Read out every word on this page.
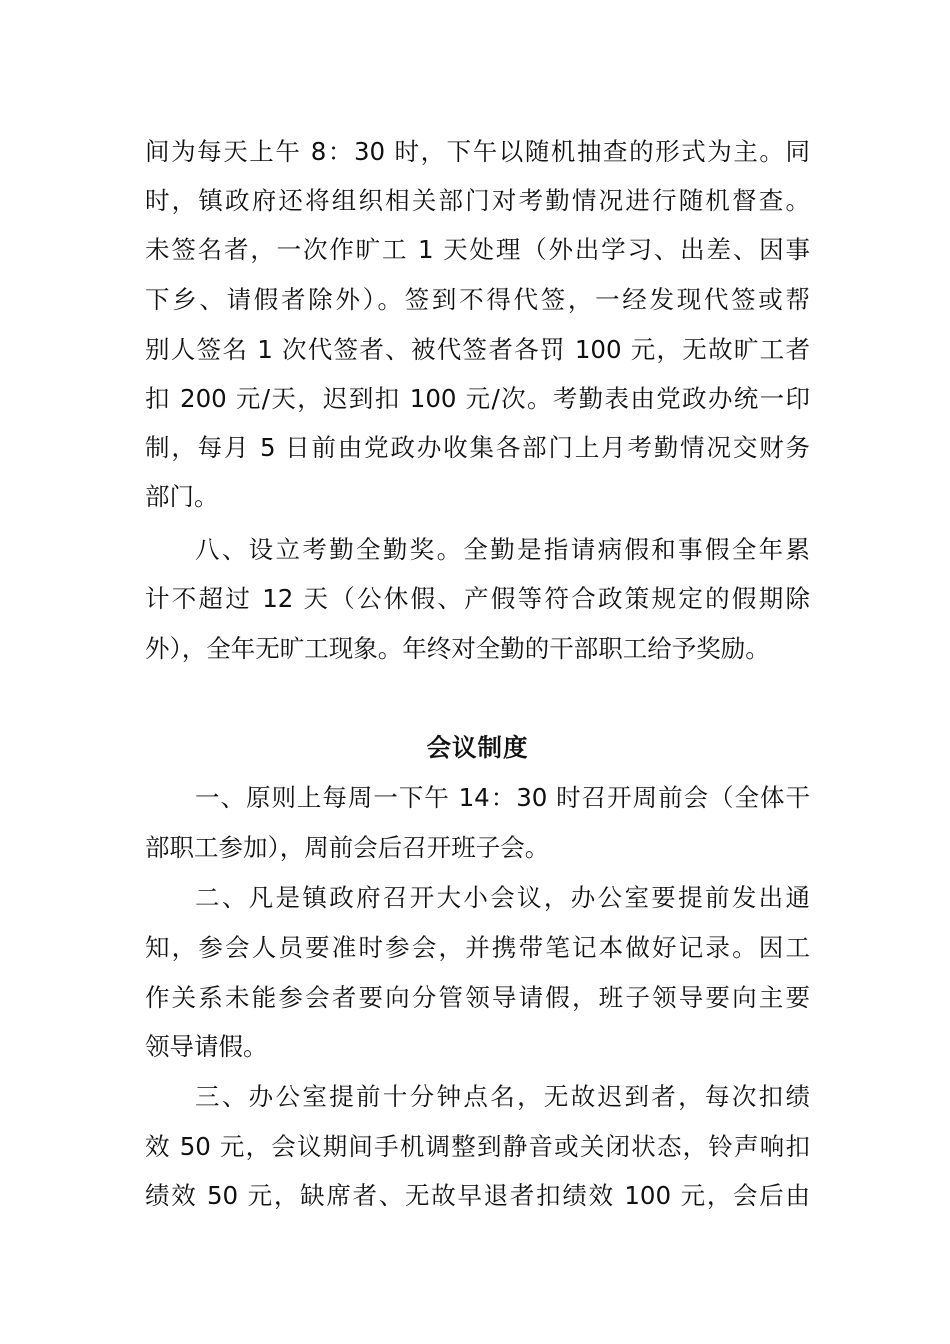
间为每天上午 8：30 时，下午以随机抽查的形式为主。同
时，镇政府还将组织相关部门对考勤情况进行随机督查。
未签名者，一次作旷工 1 天处理（外出学习、出差、因事
下乡、请假者除外）。签到不得代签，一经发现代签或帮
别人签名 1 次代签者、被代签者各罚 100 元，无故旷工者
扣 200 元/天，迟到扣 100 元/次。考勤表由党政办统一印
制，每月 5 日前由党政办收集各部门上月考勤情况交财务
部门。
八、设立考勤全勤奖。全勤是指请病假和事假全年累
计不超过 12 天（公休假、产假等符合政策规定的假期除
外），全年无旷工现象。年终对全勤的干部职工给予奖励。
会议制度
一、原则上每周一下午 14：30 时召开周前会（全体干
部职工参加），周前会后召开班子会。
二、凡是镇政府召开大小会议，办公室要提前发出通
知，参会人员要准时参会，并携带笔记本做好记录。因工
作关系未能参会者要向分管领导请假，班子领导要向主要
领导请假。
三、办公室提前十分钟点名，无故迟到者，每次扣绩
效 50 元，会议期间手机调整到静音或关闭状态，铃声响扣
绩效 50 元，缺席者、无故早退者扣绩效 100 元，会后由
